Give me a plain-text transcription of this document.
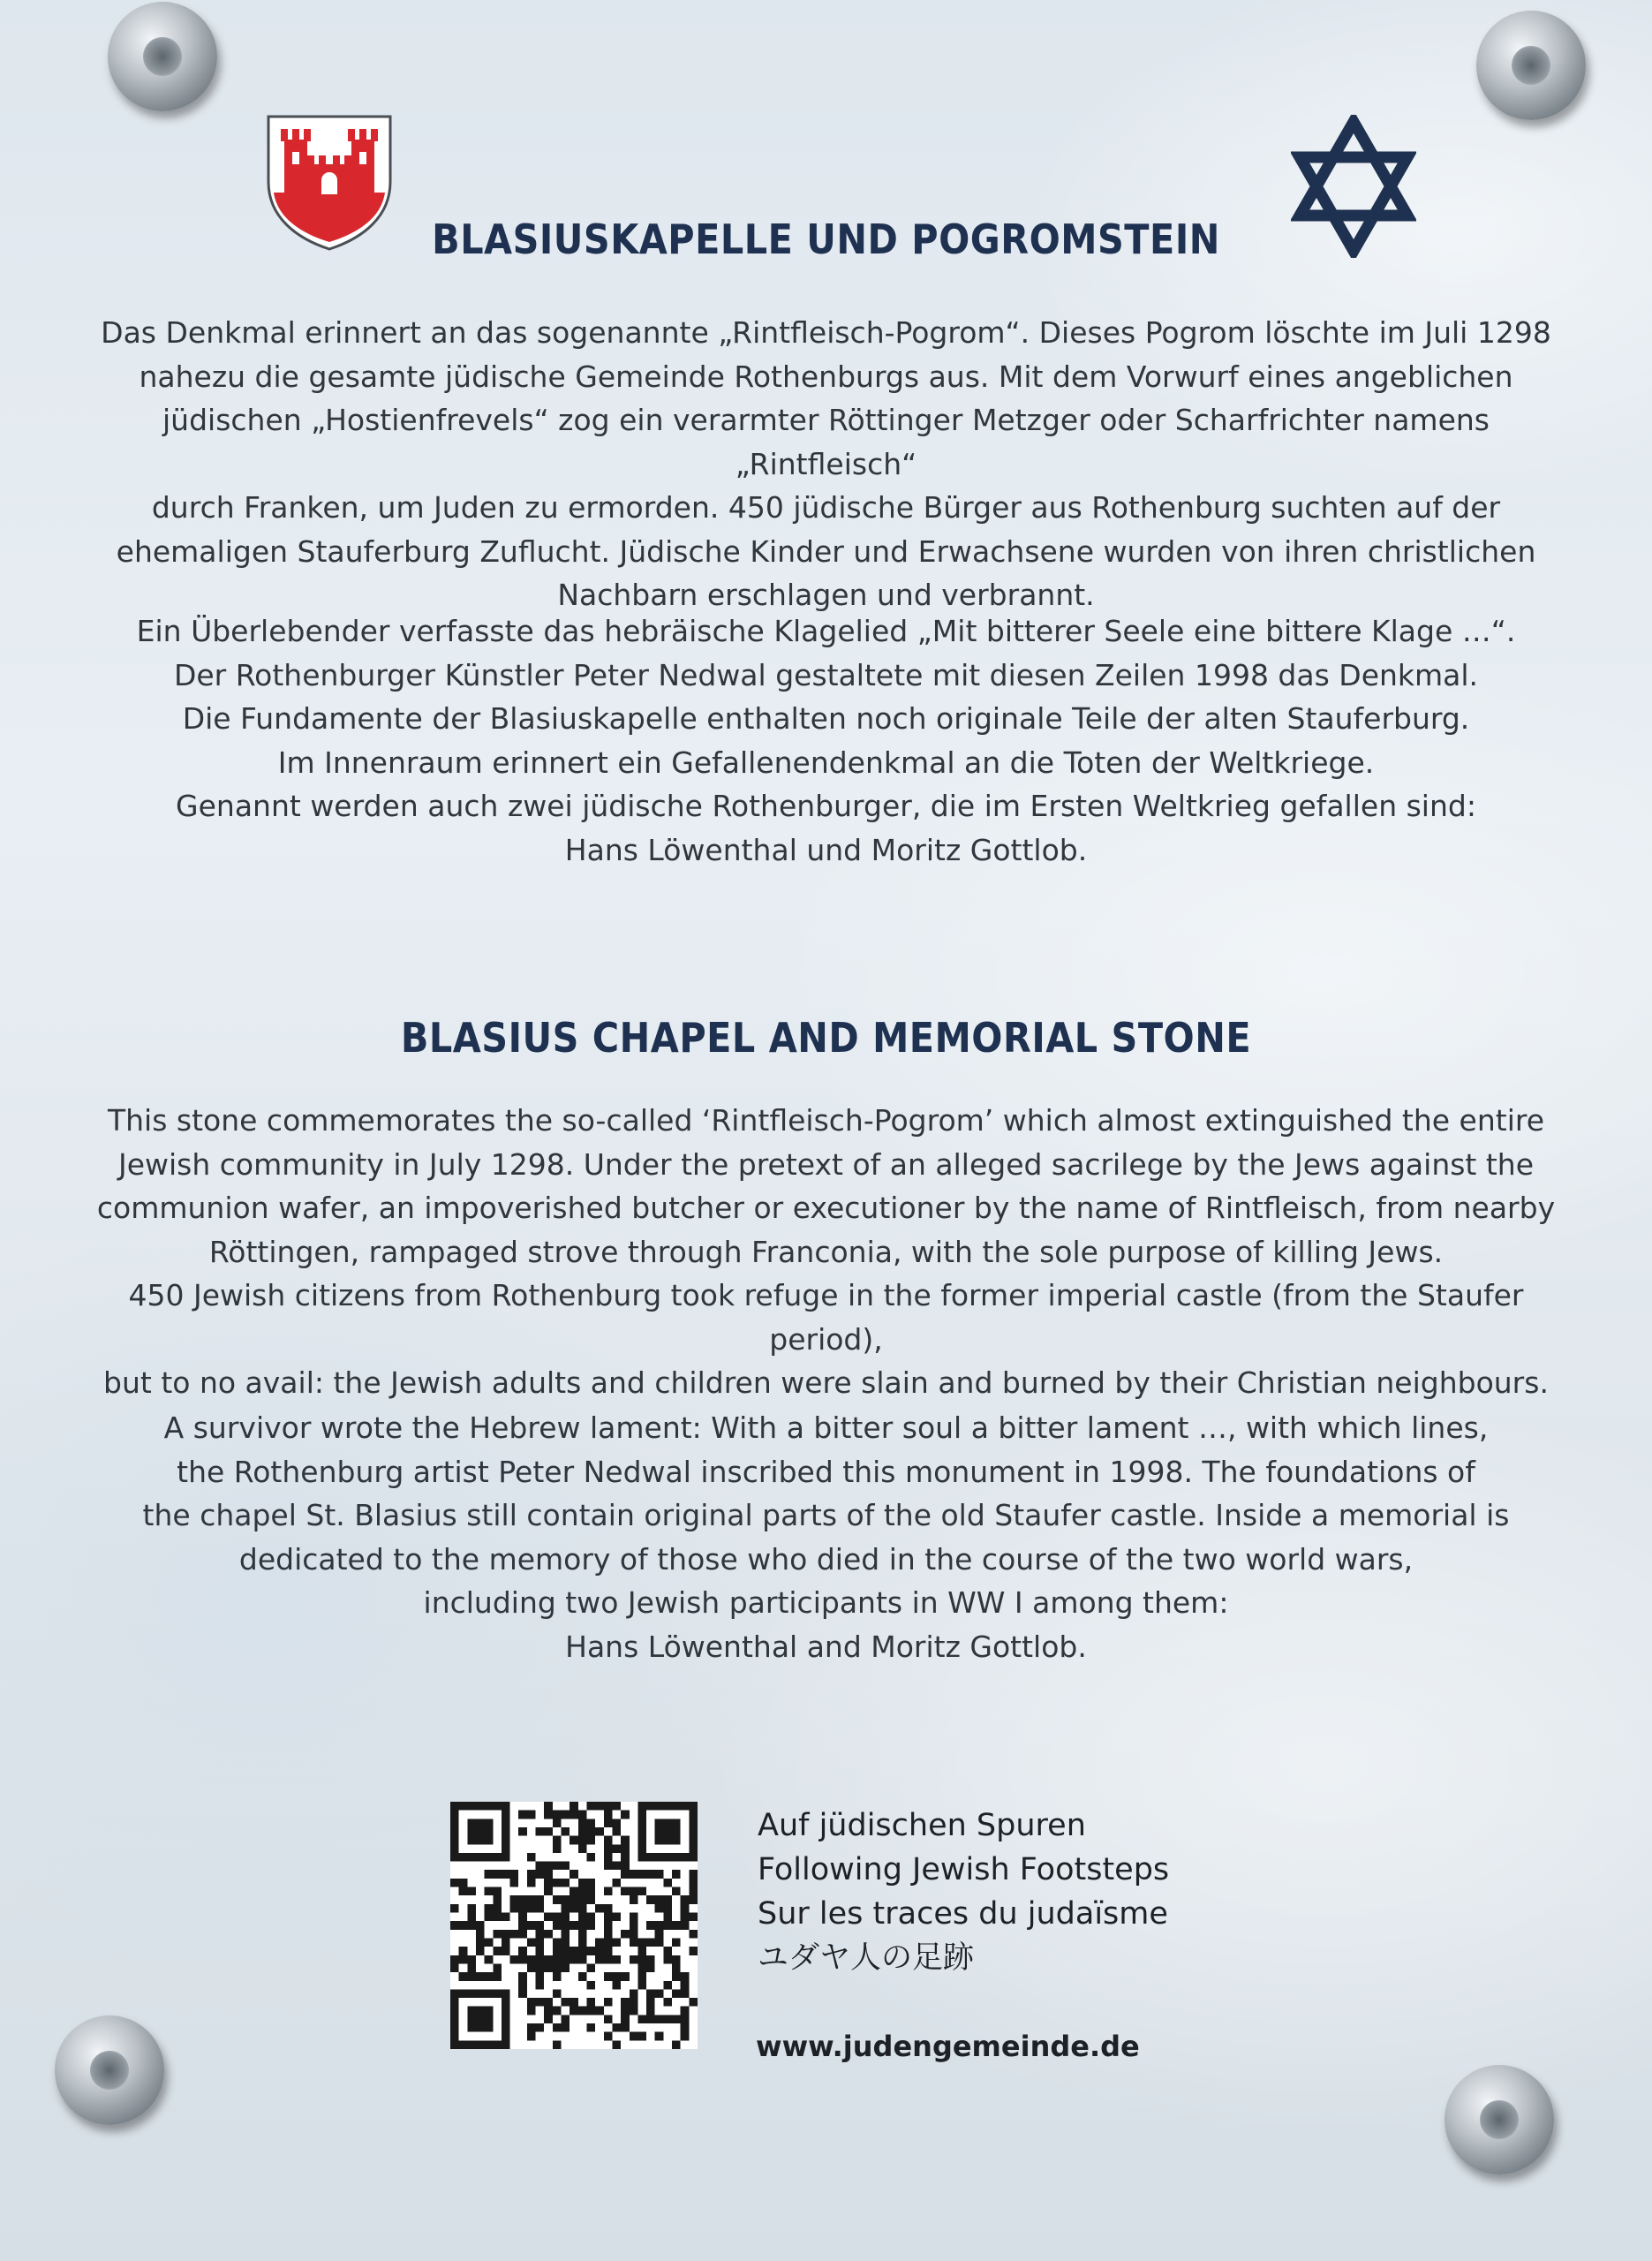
BLASIUSKAPELLE UND POGROMSTEIN

Das Denkmal erinnert an das sogenannte „Rintfleisch-Pogrom“. Dieses Pogrom löschte im Juli 1298
nahezu die gesamte jüdische Gemeinde Rothenburgs aus. Mit dem Vorwurf eines angeblichen
jüdischen „Hostienfrevels“ zog ein verarmter Röttinger Metzger oder Scharfrichter namens „Rintfleisch“
durch Franken, um Juden zu ermorden. 450 jüdische Bürger aus Rothenburg suchten auf der
ehemaligen Stauferburg Zuflucht. Jüdische Kinder und Erwachsene wurden von ihren christlichen
Nachbarn erschlagen und verbrannt.

Ein Überlebender verfasste das hebräische Klagelied „Mit bitterer Seele eine bittere Klage …“.
Der Rothenburger Künstler Peter Nedwal gestaltete mit diesen Zeilen 1998 das Denkmal.
Die Fundamente der Blasiuskapelle enthalten noch originale Teile der alten Stauferburg.
Im Innenraum erinnert ein Gefallenendenkmal an die Toten der Weltkriege.
Genannt werden auch zwei jüdische Rothenburger, die im Ersten Weltkrieg gefallen sind:
Hans Löwenthal und Moritz Gottlob.

BLASIUS CHAPEL AND MEMORIAL STONE

This stone commemorates the so-called ‘Rintfleisch-Pogrom’ which almost extinguished the entire
Jewish community in July 1298. Under the pretext of an alleged sacrilege by the Jews against the
communion wafer, an impoverished butcher or executioner by the name of Rintfleisch, from nearby
Röttingen, rampaged strove through Franconia, with the sole purpose of killing Jews.
450 Jewish citizens from Rothenburg took refuge in the former imperial castle (from the Staufer period),
but to no avail: the Jewish adults and children were slain and burned by their Christian neighbours.

A survivor wrote the Hebrew lament: With a bitter soul a bitter lament …, with which lines,
the Rothenburg artist Peter Nedwal inscribed this monument in 1998. The foundations of
the chapel St. Blasius still contain original parts of the old Staufer castle. Inside a memorial is
dedicated to the memory of those who died in the course of the two world wars,
including two Jewish participants in WW I among them:
Hans Löwenthal and Moritz Gottlob.

Auf jüdischen Spuren
Following Jewish Footsteps
Sur les traces du judaïsme
ユダヤ人の足跡

www.judengemeinde.de
